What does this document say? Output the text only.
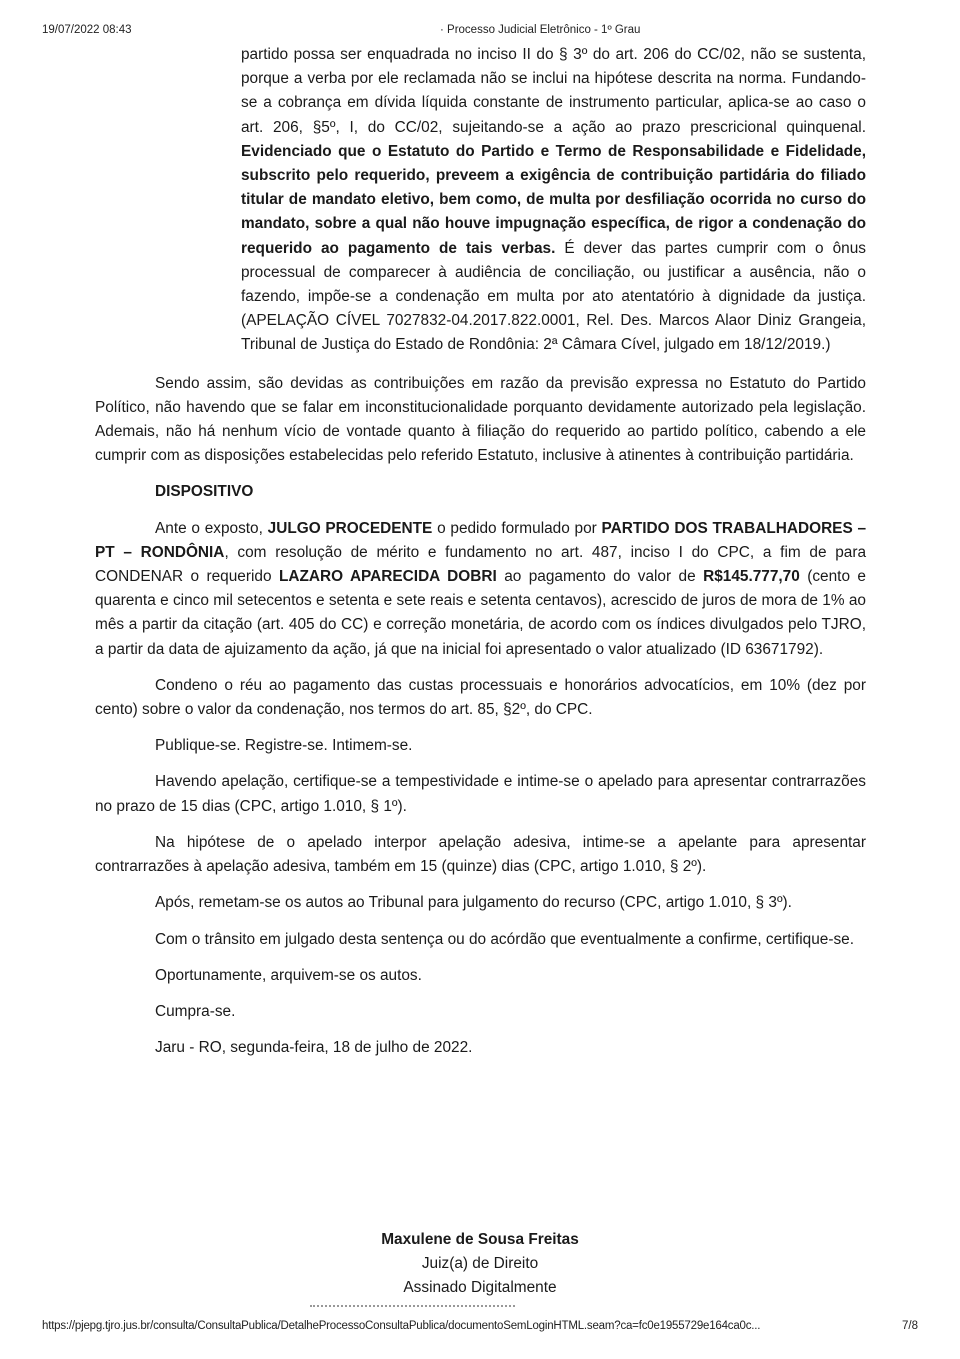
19/07/2022 08:43	· Processo Judicial Eletrônico - 1º Grau

partido possa ser enquadrada no inciso II do § 3º do art. 206 do CC/02, não se sustenta, porque a verba por ele reclamada não se inclui na hipótese descrita na norma. Fundando-se a cobrança em dívida líquida constante de instrumento particular, aplica-se ao caso o art. 206, §5º, I, do CC/02, sujeitando-se a ação ao prazo prescricional quinquenal. Evidenciado que o Estatuto do Partido e Termo de Responsabilidade e Fidelidade, subscrito pelo requerido, preveem a exigência de contribuição partidária do filiado titular de mandato eletivo, bem como, de multa por desfiliação ocorrida no curso do mandato, sobre a qual não houve impugnação específica, de rigor a condenação do requerido ao pagamento de tais verbas. É dever das partes cumprir com o ônus processual de comparecer à audiência de conciliação, ou justificar a ausência, não o fazendo, impõe-se a condenação em multa por ato atentatório à dignidade da justiça. (APELAÇÃO CÍVEL 7027832-04.2017.822.0001, Rel. Des. Marcos Alaor Diniz Grangeia, Tribunal de Justiça do Estado de Rondônia: 2ª Câmara Cível, julgado em 18/12/2019.)

Sendo assim, são devidas as contribuições em razão da previsão expressa no Estatuto do Partido Político, não havendo que se falar em inconstitucionalidade porquanto devidamente autorizado pela legislação. Ademais, não há nenhum vício de vontade quanto à filiação do requerido ao partido político, cabendo a ele cumprir com as disposições estabelecidas pelo referido Estatuto, inclusive à atinentes à contribuição partidária.

DISPOSITIVO

Ante o exposto, JULGO PROCEDENTE o pedido formulado por PARTIDO DOS TRABALHADORES – PT – RONDÔNIA, com resolução de mérito e fundamento no art. 487, inciso I do CPC, a fim de para CONDENAR o requerido LAZARO APARECIDA DOBRI ao pagamento do valor de R$145.777,70 (cento e quarenta e cinco mil setecentos e setenta e sete reais e setenta centavos), acrescido de juros de mora de 1% ao mês a partir da citação (art. 405 do CC) e correção monetária, de acordo com os índices divulgados pelo TJRO, a partir da data de ajuizamento da ação, já que na inicial foi apresentado o valor atualizado (ID 63671792).

Condeno o réu ao pagamento das custas processuais e honorários advocatícios, em 10% (dez por cento) sobre o valor da condenação, nos termos do art. 85, §2º, do CPC.

Publique-se. Registre-se. Intimem-se.

Havendo apelação, certifique-se a tempestividade e intime-se o apelado para apresentar contrarrazões no prazo de 15 dias (CPC, artigo 1.010, § 1º).

Na hipótese de o apelado interpor apelação adesiva, intime-se a apelante para apresentar contrarrazões à apelação adesiva, também em 15 (quinze) dias (CPC, artigo 1.010, § 2º).

Após, remetam-se os autos ao Tribunal para julgamento do recurso (CPC, artigo 1.010, § 3º).

Com o trânsito em julgado desta sentença ou do acórdão que eventualmente a confirme, certifique-se.

Oportunamente, arquivem-se os autos.

Cumpra-se.

Jaru - RO, segunda-feira, 18 de julho de 2022.

Maxulene de Sousa Freitas
Juiz(a) de Direito
Assinado Digitalmente
https://pjepg.tjro.jus.br/consulta/ConsultaPublica/DetalheProcessoConsultaPublica/documentoSemLoginHTML.seam?ca=fc0e1955729e164ca0c...	7/8
